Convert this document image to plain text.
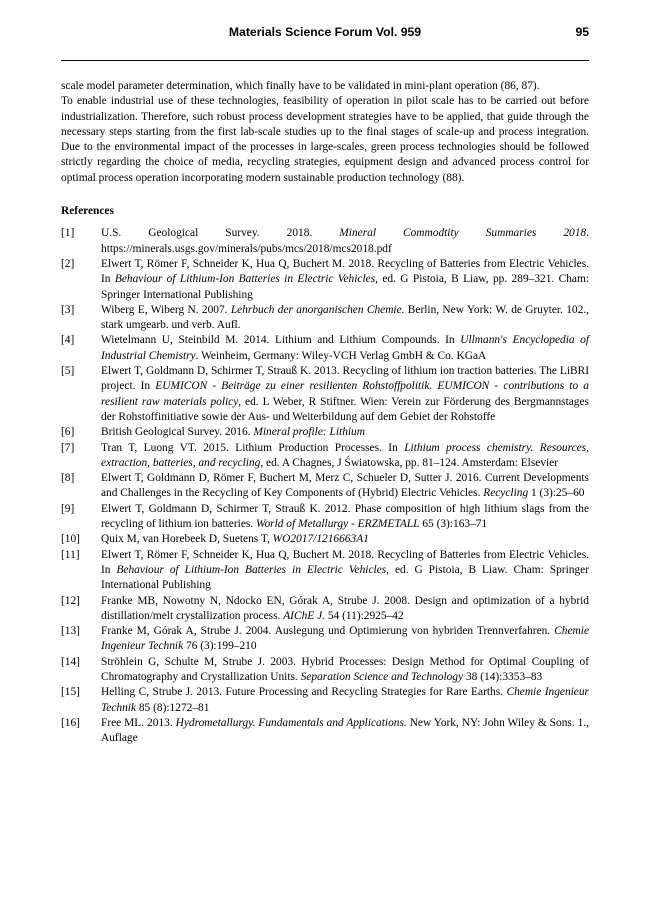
Materials Science Forum Vol. 959	95

scale model parameter determination, which finally have to be validated in mini-plant operation (86, 87).

To enable industrial use of these technologies, feasibility of operation in pilot scale has to be carried out before industrialization. Therefore, such robust process development strategies have to be applied, that guide through the necessary steps starting from the first lab-scale studies up to the final stages of scale-up and process integration. Due to the environmental impact of the processes in large-scales, green process technologies should be followed strictly regarding the choice of media, recycling strategies, equipment design and advanced process control for optimal process operation incorporating modern sustainable production technology (88).

References

[1]	U.S. Geological Survey. 2018. Mineral Commodtity Summaries 2018. https://minerals.usgs.gov/minerals/pubs/mcs/2018/mcs2018.pdf
[2]	Elwert T, Römer F, Schneider K, Hua Q, Buchert M. 2018. Recycling of Batteries from Electric Vehicles. In Behaviour of Lithium-Ion Batteries in Electric Vehicles, ed. G Pistoia, B Liaw, pp. 289–321. Cham: Springer International Publishing
[3]	Wiberg E, Wiberg N. 2007. Lehrbuch der anorganischen Chemie. Berlin, New York: W. de Gruyter. 102., stark umgearb. und verb. Aufl.
[4]	Wietelmann U, Steinbild M. 2014. Lithium and Lithium Compounds. In Ullmann's Encyclopedia of Industrial Chemistry. Weinheim, Germany: Wiley-VCH Verlag GmbH & Co. KGaA
[5]	Elwert T, Goldmann D, Schirmer T, Strauß K. 2013. Recycling of lithium ion traction batteries. The LiBRI project. In EUMICON - Beiträge zu einer resilienten Rohstoffpolitik. EUMICON - contributions to a resilient raw materials policy, ed. L Weber, R Stiftner. Wien: Verein zur Förderung des Bergmannstages der Rohstoffinitiative sowie der Aus- und Weiterbildung auf dem Gebiet der Rohstoffe
[6]	British Geological Survey. 2016. Mineral profile: Lithium
[7]	Tran T, Luong VT. 2015. Lithium Production Processes. In Lithium process chemistry. Resources, extraction, batteries, and recycling, ed. A Chagnes, J Światowska, pp. 81–124. Amsterdam: Elsevier
[8]	Elwert T, Goldmann D, Römer F, Buchert M, Merz C, Schueler D, Sutter J. 2016. Current Developments and Challenges in the Recycling of Key Components of (Hybrid) Electric Vehicles. Recycling 1 (3):25–60
[9]	Elwert T, Goldmann D, Schirmer T, Strauß K. 2012. Phase composition of high lithium slags from the recycling of lithium ion batteries. World of Metallurgy - ERZMETALL 65 (3):163–71
[10]	Quix M, van Horebeek D, Suetens T, WO2017/1216663A1
[11]	Elwert T, Römer F, Schneider K, Hua Q, Buchert M. 2018. Recycling of Batteries from Electric Vehicles. In Behaviour of Lithium-Ion Batteries in Electric Vehicles, ed. G Pistoia, B Liaw. Cham: Springer International Publishing
[12]	Franke MB, Nowotny N, Ndocko EN, Górak A, Strube J. 2008. Design and optimization of a hybrid distillation/melt crystallization process. AIChE J. 54 (11):2925–42
[13]	Franke M, Górak A, Strube J. 2004. Auslegung und Optimierung von hybriden Trennverfahren. Chemie Ingenieur Technik 76 (3):199–210
[14]	Ströhlein G, Schulte M, Strube J. 2003. Hybrid Processes: Design Method for Optimal Coupling of Chromatography and Crystallization Units. Separation Science and Technology 38 (14):3353–83
[15]	Helling C, Strube J. 2013. Future Processing and Recycling Strategies for Rare Earths. Chemie Ingenieur Technik 85 (8):1272–81
[16]	Free ML. 2013. Hydrometallurgy. Fundamentals and Applications. New York, NY: John Wiley & Sons. 1., Auflage
